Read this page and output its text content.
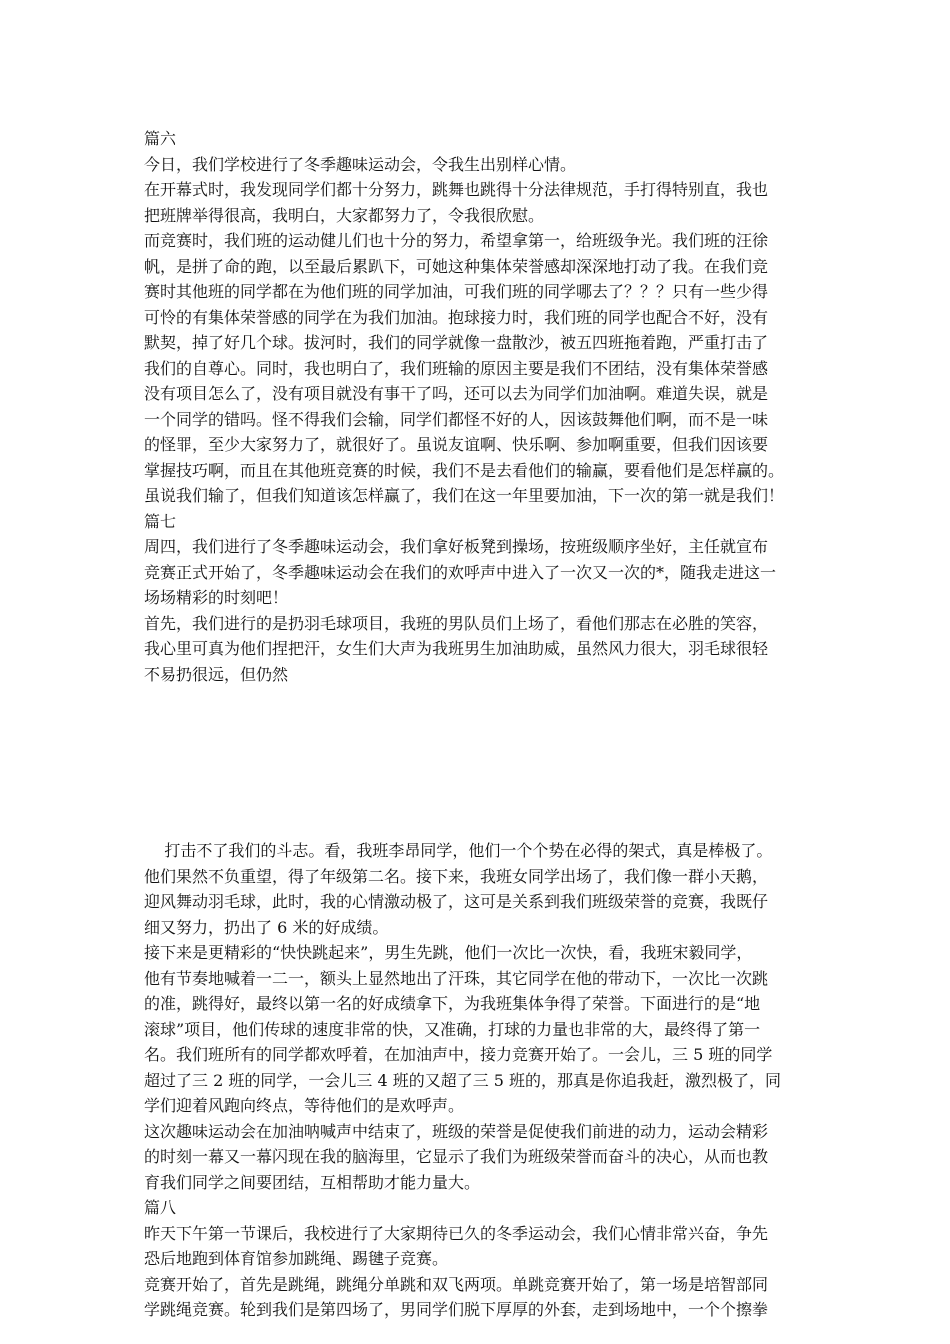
篇六

今日，我们学校进行了冬季趣味运动会，令我生出别样心情。

在开幕式时，我发现同学们都十分努力，跳舞也跳得十分法律规范，手打得特别直，我也

把班牌举得很高，我明白，大家都努力了，令我很欣慰。

而竞赛时，我们班的运动健儿们也十分的努力，希望拿第一，给班级争光。我们班的汪徐

帆，是拼了命的跑，以至最后累趴下，可她这种集体荣誉感却深深地打动了我。在我们竞

赛时其他班的同学都在为他们班的同学加油，可我们班的同学哪去了？？？只有一些少得

可怜的有集体荣誉感的同学在为我们加油。抱球接力时，我们班的同学也配合不好，没有

默契，掉了好几个球。拔河时，我们的同学就像一盘散沙，被五四班拖着跑，严重打击了

我们的自尊心。同时，我也明白了，我们班输的原因主要是我们不团结，没有集体荣誉感

没有项目怎么了，没有项目就没有事干了吗，还可以去为同学们加油啊。难道失误，就是

一个同学的错吗。怪不得我们会输，同学们都怪不好的人，因该鼓舞他们啊，而不是一味

的怪罪，至少大家努力了，就很好了。虽说友谊啊、快乐啊、参加啊重要，但我们因该要

掌握技巧啊，而且在其他班竞赛的时候，我们不是去看他们的输赢，要看他们是怎样赢的。

虽说我们输了，但我们知道该怎样赢了，我们在这一年里要加油，下一次的第一就是我们！

篇七

周四，我们进行了冬季趣味运动会，我们拿好板凳到操场，按班级顺序坐好，主任就宣布

竞赛正式开始了，冬季趣味运动会在我们的欢呼声中进入了一次又一次的*，随我走进这一

场场精彩的时刻吧！

首先，我们进行的是扔羽毛球项目，我班的男队员们上场了，看他们那志在必胜的笑容，

我心里可真为他们捏把汗，女生们大声为我班男生加油助威，虽然风力很大，羽毛球很轻

不易扔很远，但仍然

打击不了我们的斗志。看，我班李昂同学，他们一个个势在必得的架式，真是棒极了。

他们果然不负重望，得了年级第二名。接下来，我班女同学出场了，我们像一群小天鹅，

迎风舞动羽毛球，此时，我的心情激动极了，这可是关系到我们班级荣誉的竞赛，我既仔

细又努力，扔出了 6 米的好成绩。

接下来是更精彩的“快快跳起来”，男生先跳，他们一次比一次快，看，我班宋毅同学，

他有节奏地喊着一二一，额头上显然地出了汗珠，其它同学在他的带动下，一次比一次跳

的准，跳得好，最终以第一名的好成绩拿下，为我班集体争得了荣誉。下面进行的是“地

滚球”项目，他们传球的速度非常的快，又准确，打球的力量也非常的大，最终得了第一

名。我们班所有的同学都欢呼着，在加油声中，接力竞赛开始了。一会儿，三 5 班的同学

超过了三 2 班的同学，一会儿三 4 班的又超了三 5 班的，那真是你追我赶，激烈极了，同

学们迎着风跑向终点，等待他们的是欢呼声。

这次趣味运动会在加油呐喊声中结束了，班级的荣誉是促使我们前进的动力，运动会精彩

的时刻一幕又一幕闪现在我的脑海里，它显示了我们为班级荣誉而奋斗的决心，从而也教

育我们同学之间要团结，互相帮助才能力量大。

篇八

昨天下午第一节课后，我校进行了大家期待已久的冬季运动会，我们心情非常兴奋，争先

恐后地跑到体育馆参加跳绳、踢毽子竞赛。

竞赛开始了，首先是跳绳，跳绳分单跳和双飞两项。单跳竞赛开始了，第一场是培智部同

学跳绳竞赛。轮到我们是第四场了，男同学们脱下厚厚的外套，走到场地中，一个个擦拳
